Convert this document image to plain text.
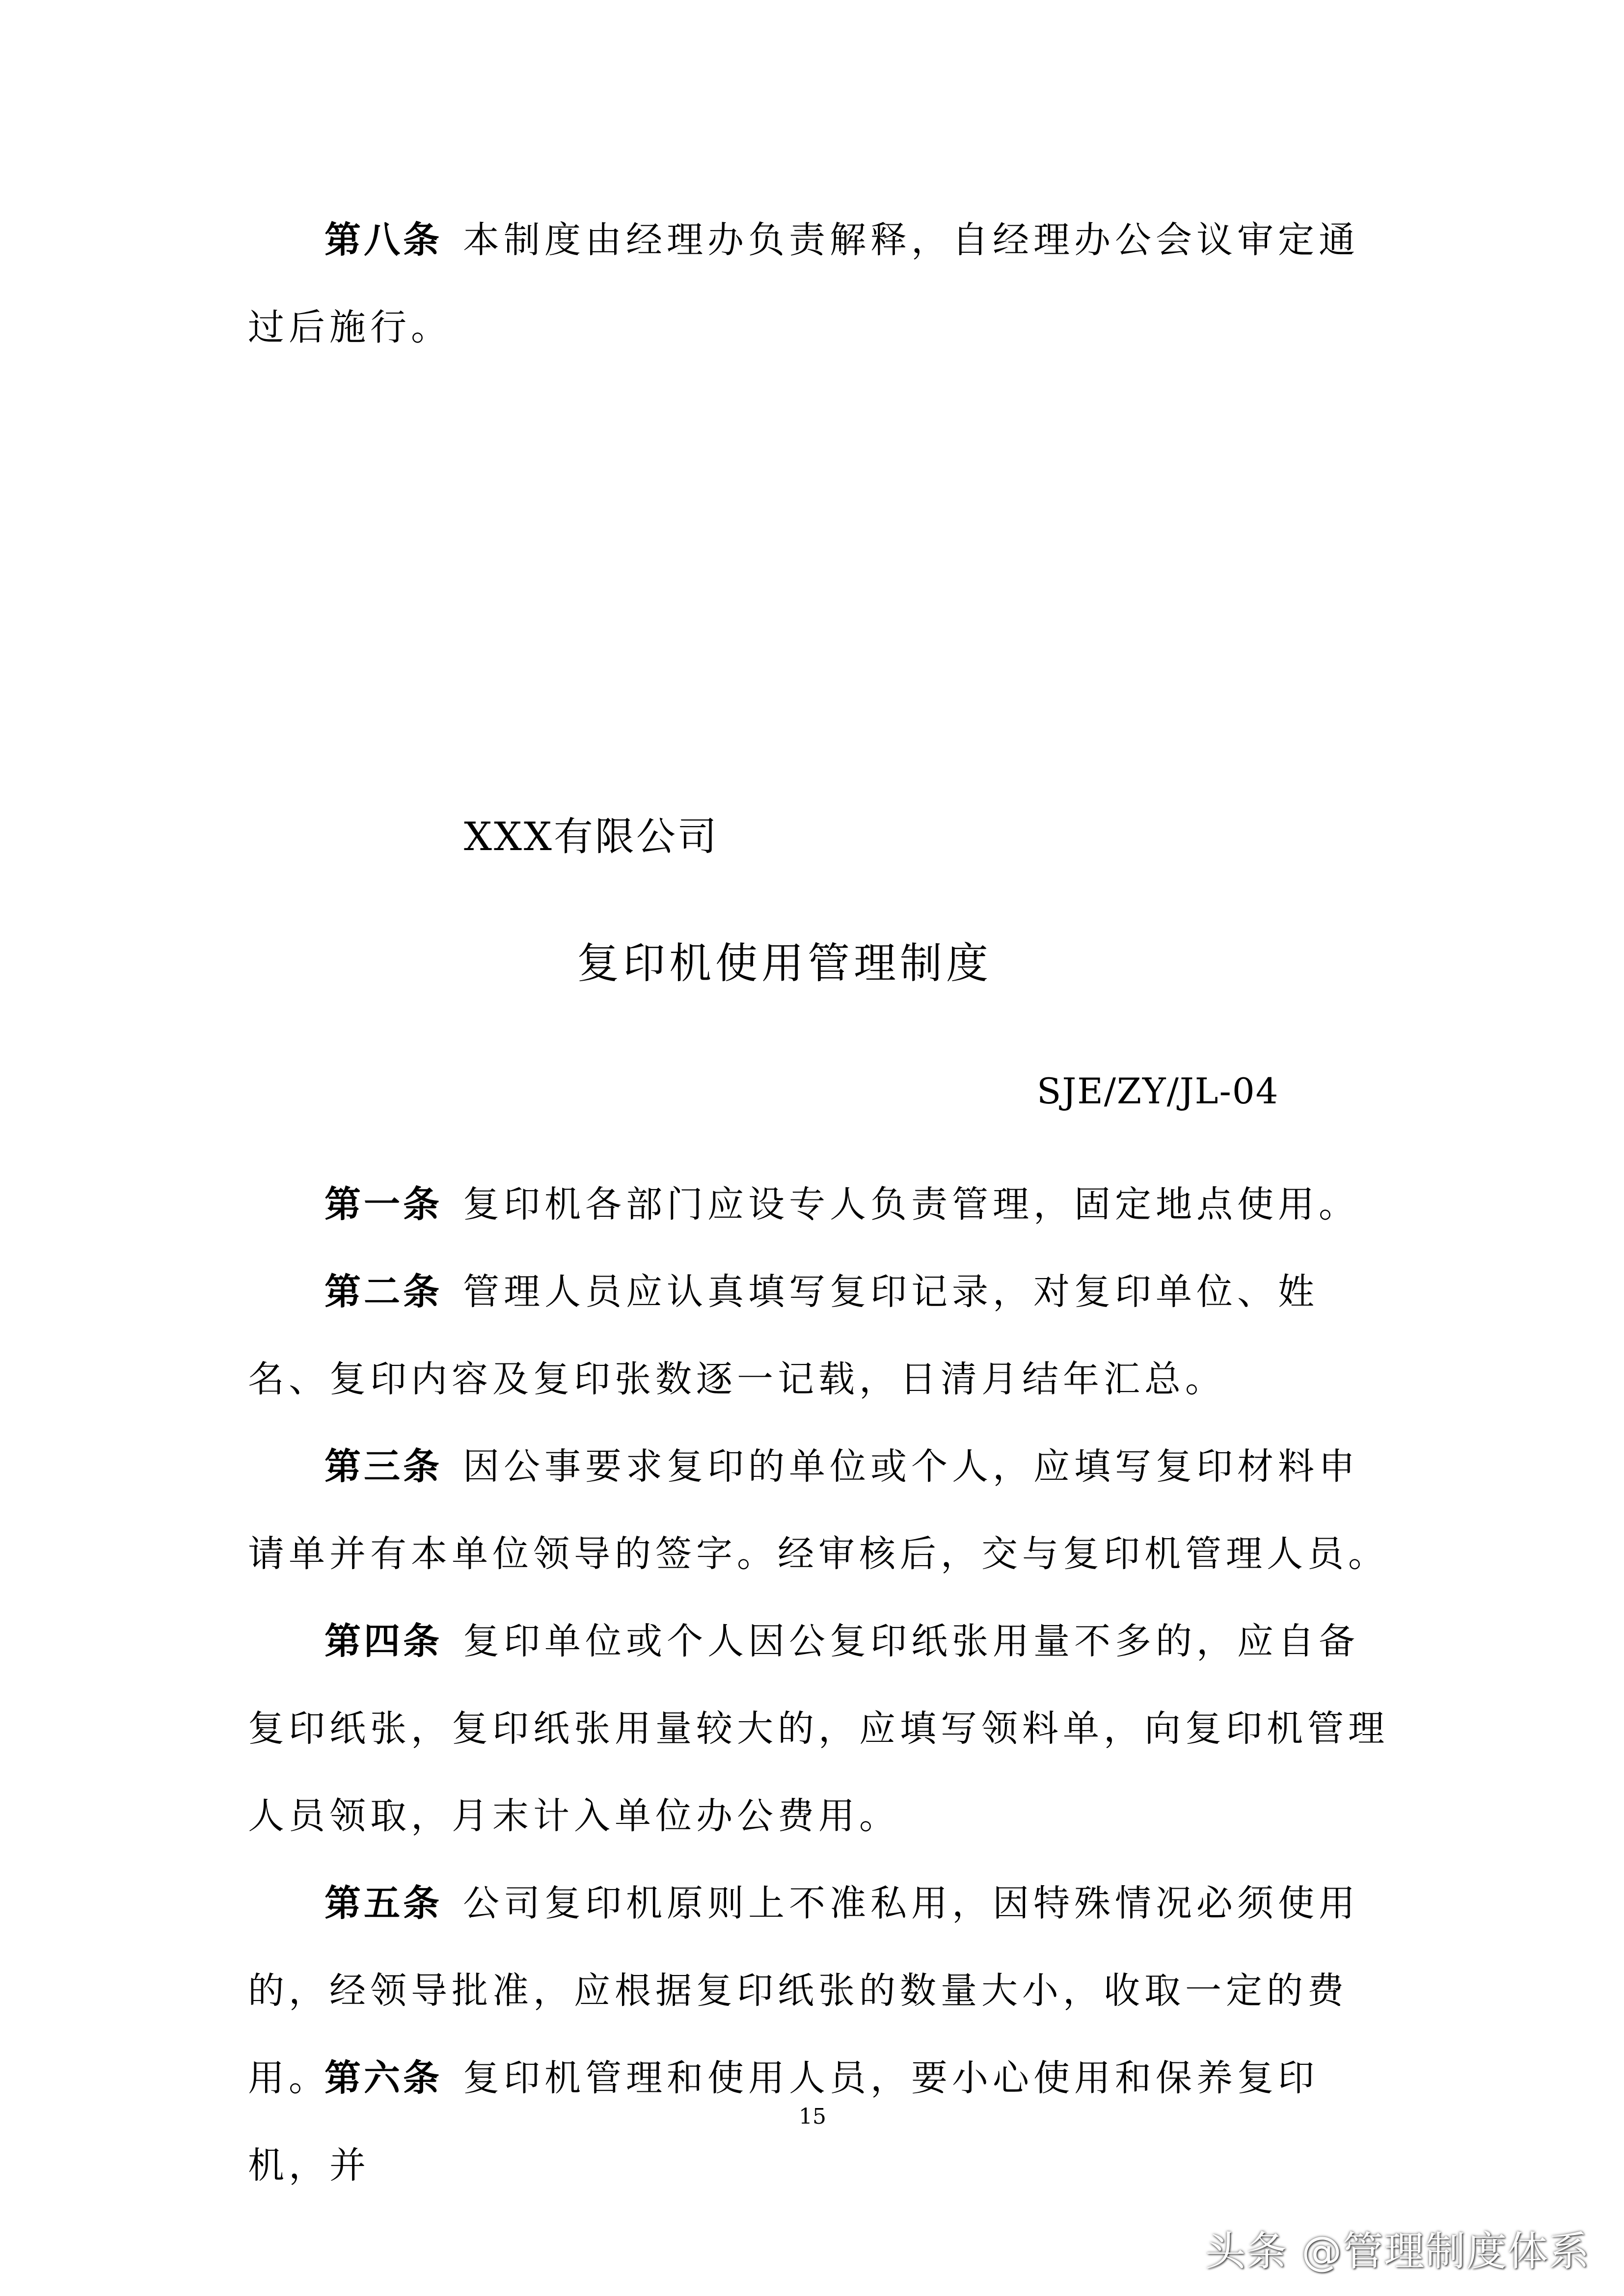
第八条 本制度由经理办负责解释，自经理办公会议审定通过后施行。

XXX有限公司
复印机使用管理制度
SJE/ZY/JL-04

第一条 复印机各部门应设专人负责管理，固定地点使用。

第二条 管理人员应认真填写复印记录，对复印单位、姓名、复印内容及复印张数逐一记载，日清月结年汇总。

第三条 因公事要求复印的单位或个人，应填写复印材料申请单并有本单位领导的签字。经审核后，交与复印机管理人员。

第四条 复印单位或个人因公复印纸张用量不多的，应自备复印纸张，复印纸张用量较大的，应填写领料单，向复印机管理人员领取，月末计入单位办公费用。

第五条 公司复印机原则上不准私用，因特殊情况必须使用的，经领导批准，应根据复印纸张的数量大小，收取一定的费用。

第六条 复印机管理和使用人员，要小心使用和保养复印机，并

15
头条 @管理制度体系
